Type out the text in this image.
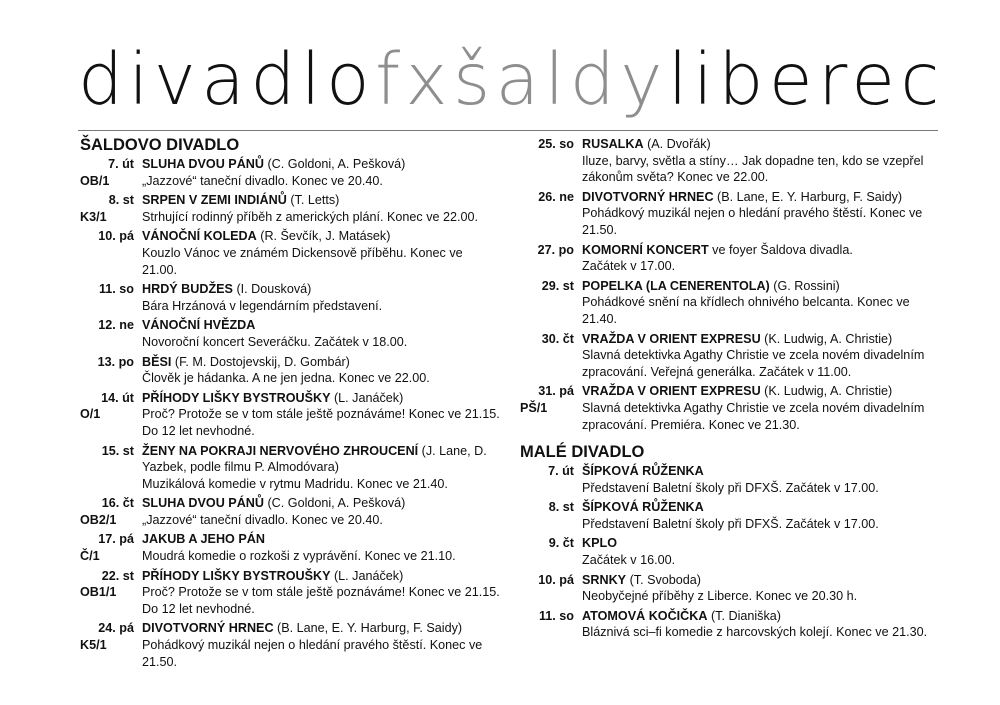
divadlofxšaldyliberec
ŠALDOVO DIVADLO
7. út
OB/1
SLUHA DVOU PÁNŮ (C. Goldoni, A. Pešková)
„Jazzové“ taneční divadlo. Konec ve 20.40.
8. st
K3/1
SRPEN V ZEMI INDIÁNŮ (T. Letts)
Strhující rodinný příběh z amerických plání. Konec ve 22.00.
10. pá VÁNOČNÍ KOLEDA (R. Ševčík, J. Matásek)
Kouzlo Vánoc ve známém Dickensově příběhu. Konec ve 21.00.
11. so HRDÝ BUDŽES (I. Dousková)
Bára Hrzánová v legendárním představení.
12. ne VÁNOČNÍ HVĚZDA
Novoroční koncert Severáčku. Začátek v 18.00.
13. po BĚSI (F. M. Dostojevskij, D. Gombár)
Člověk je hádanka. A ne jen jedna. Konec ve 22.00.
14. út
O/1
PŘÍHODY LIŠKY BYSTROUŠKY (L. Janáček)
Proč? Protože se v tom stále ještě poznáváme! Konec ve 21.15. Do 12 let nevhodné.
15. st ŽENY NA POKRAJI NERVOVÉHO ZHROUCENÍ (J. Lane, D. Yazbek, podle filmu P. Almodóvara)
Muzikálová komedie v rytmu Madridu. Konec ve 21.40.
16. čt
OB2/1
SLUHA DVOU PÁNŮ (C. Goldoni, A. Pešková)
„Jazzové“ taneční divadlo. Konec ve 20.40.
17. pá
Č/1
JAKUB A JEHO PÁN
Moudrá komedie o rozkoši z vyprávění. Konec ve 21.10.
22. st
OB1/1
PŘÍHODY LIŠKY BYSTROUŠKY (L. Janáček)
Proč? Protože se v tom stále ještě poznáváme! Konec ve 21.15. Do 12 let nevhodné.
24. pá
K5/1
DIVOTVORNÝ HRNEC (B. Lane, E. Y. Harburg, F. Saidy)
Pohádkový muzikál nejen o hledání pravého štěstí. Konec ve 21.50.
25. so RUSALKA (A. Dvořák)
Iluze, barvy, světla a stíny… Jak dopadne ten, kdo se vzepřel zákonům světa? Konec ve 22.00.
26. ne DIVOTVORNÝ HRNEC (B. Lane, E. Y. Harburg, F. Saidy)
Pohádkový muzikál nejen o hledání pravého štěstí. Konec ve 21.50.
27. po KOMORNÍ KONCERT ve foyer Šaldova divadla.
Začátek v 17.00.
29. st POPELKA (LA CENERENTOLA) (G. Rossini)
Pohádkové snění na křídlech ohnivého belcanta. Konec ve 21.40.
30. čt VRAŽDA V ORIENT EXPRESU (K. Ludwig, A. Christie)
Slavná detektivka Agathy Christie ve zcela novém divadelním zpracování. Veřejná generálka. Začátek v 11.00.
31. pá
PŠ/1
VRAŽDA V ORIENT EXPRESU (K. Ludwig, A. Christie)
Slavná detektivka Agathy Christie ve zcela novém divadelním zpracování. Premiéra. Konec ve 21.30.
MALÉ DIVADLO
7. út ŠÍPKOVÁ RŮŽENKA
Představení Baletní školy při DFXŠ. Začátek v 17.00.
8. st ŠÍPKOVÁ RŮŽENKA
Představení Baletní školy při DFXŠ. Začátek v 17.00.
9. čt KPLO
Začátek v 16.00.
10. pá SRNKY (T. Svoboda)
Neobyčejné příběhy z Liberce. Konec ve 20.30 h.
11. so ATOMOVÁ KOČIČKA (T. Dianiška)
Bláznivá sci–fi komedie z harcovských kolejí. Konec ve 21.30.
